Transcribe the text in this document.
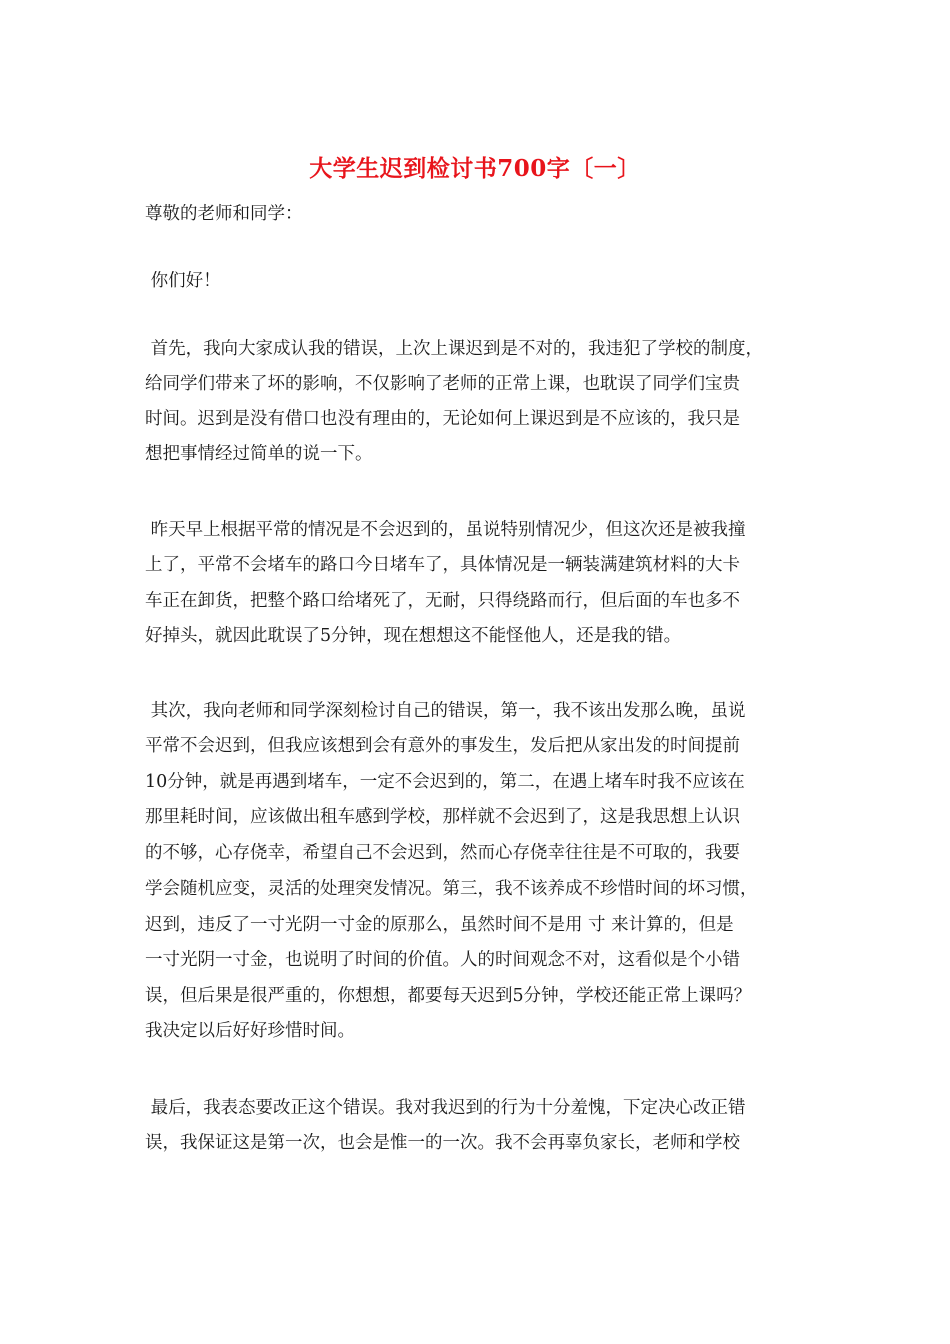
大学生迟到检讨书700字〔一〕
尊敬的老师和同学：
你们好！
首先，我向大家成认我的错误，上次上课迟到是不对的，我违犯了学校的制度，
给同学们带来了坏的影响，不仅影响了老师的正常上课，也耽误了同学们宝贵
时间。迟到是没有借口也没有理由的，无论如何上课迟到是不应该的，我只是
想把事情经过简单的说一下。
昨天早上根据平常的情况是不会迟到的，虽说特别情况少，但这次还是被我撞
上了，平常不会堵车的路口今日堵车了，具体情况是一辆装满建筑材料的大卡
车正在卸货，把整个路口给堵死了，无耐，只得绕路而行，但后面的车也多不
好掉头，就因此耽误了5分钟，现在想想这不能怪他人，还是我的错。
其次，我向老师和同学深刻检讨自己的错误，第一，我不该出发那么晚，虽说
平常不会迟到，但我应该想到会有意外的事发生，发后把从家出发的时间提前
10分钟，就是再遇到堵车，一定不会迟到的，第二，在遇上堵车时我不应该在
那里耗时间，应该做出租车感到学校，那样就不会迟到了，这是我思想上认识
的不够，心存侥幸，希望自己不会迟到，然而心存侥幸往往是不可取的，我要
学会随机应变，灵活的处理突发情况。第三，我不该养成不珍惜时间的坏习惯，
迟到，违反了一寸光阴一寸金的原那么，虽然时间不是用 寸 来计算的，但是
一寸光阴一寸金，也说明了时间的价值。人的时间观念不对，这看似是个小错
误，但后果是很严重的，你想想，都要每天迟到5分钟，学校还能正常上课吗？
我决定以后好好珍惜时间。
最后，我表态要改正这个错误。我对我迟到的行为十分羞愧，下定决心改正错
误，我保证这是第一次，也会是惟一的一次。我不会再辜负家长，老师和学校
